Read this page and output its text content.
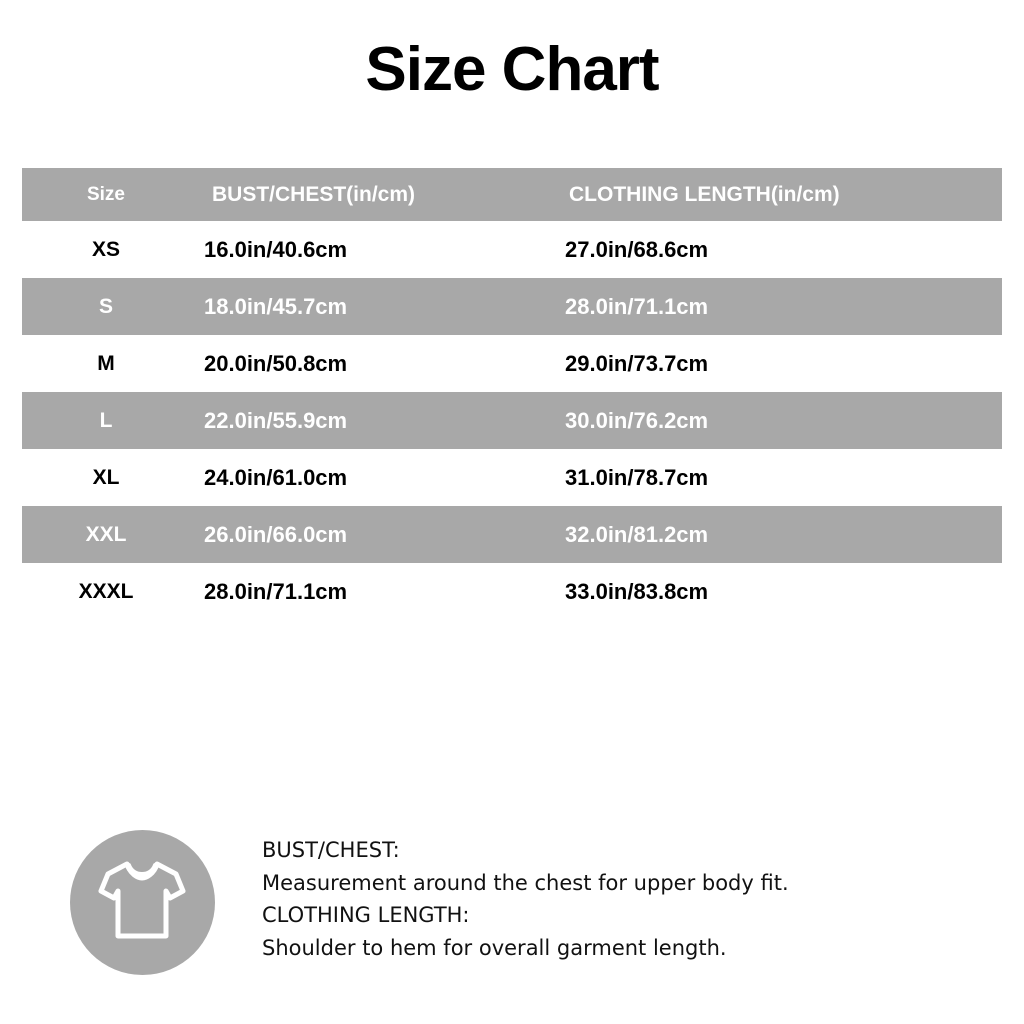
Size Chart
Size	BUST/CHEST(in/cm)	CLOTHING LENGTH(in/cm)
XS	16.0in/40.6cm	27.0in/68.6cm
S	18.0in/45.7cm	28.0in/71.1cm
M	20.0in/50.8cm	29.0in/73.7cm
L	22.0in/55.9cm	30.0in/76.2cm
XL	24.0in/61.0cm	31.0in/78.7cm
XXL	26.0in/66.0cm	32.0in/81.2cm
XXXL	28.0in/71.1cm	33.0in/83.8cm
BUST/CHEST:
Measurement around the chest for upper body fit.
CLOTHING LENGTH:
Shoulder to hem for overall garment length.
